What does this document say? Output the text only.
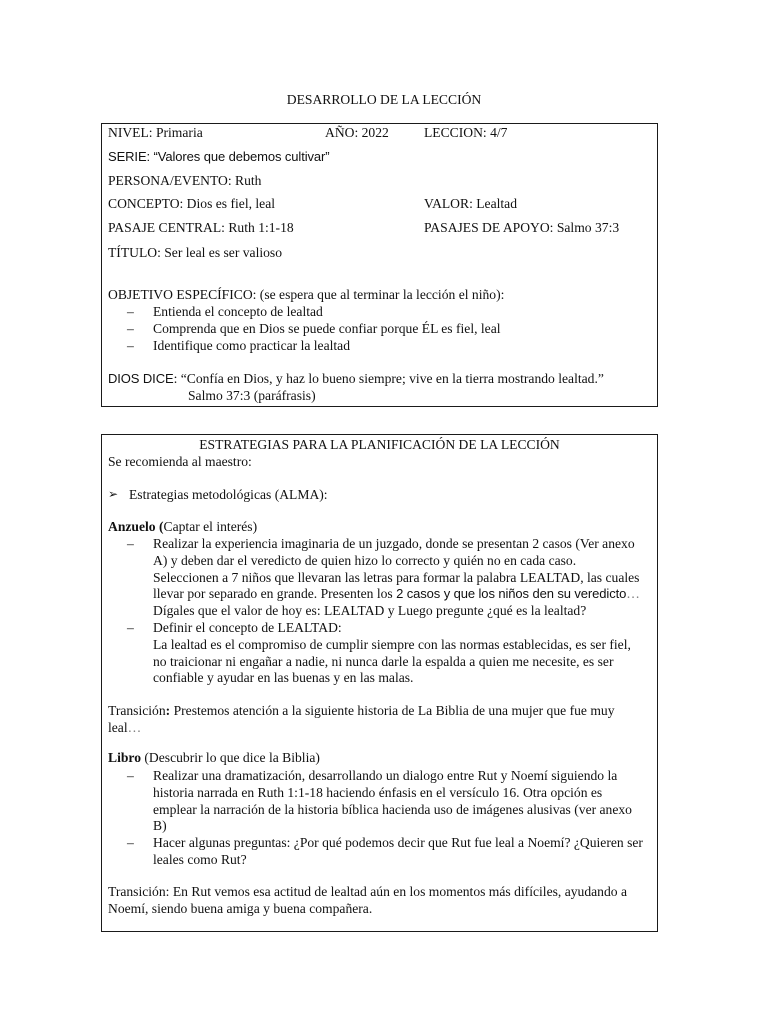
DESARROLLO DE LA LECCIÓN
NIVEL: Primaria	AÑO: 2022	LECCION: 4/7
SERIE: “Valores que debemos cultivar”
PERSONA/EVENTO: Ruth
CONCEPTO: Dios es fiel, leal	VALOR: Lealtad
PASAJE CENTRAL: Ruth 1:1-18	PASAJES DE APOYO: Salmo 37:3
TÍTULO: Ser leal es ser valioso
OBJETIVO ESPECÍFICO: (se espera que al terminar la lección el niño):
– Entienda el concepto de lealtad
– Comprenda que en Dios se puede confiar porque ÉL es fiel, leal
– Identifique como practicar la lealtad
DIOS DICE: “Confía en Dios, y haz lo bueno siempre; vive en la tierra mostrando lealtad.”
Salmo 37:3 (paráfrasis)
ESTRATEGIAS PARA LA PLANIFICACIÓN DE LA LECCIÓN
Se recomienda al maestro:
➢ Estrategias metodológicas (ALMA):
Anzuelo (Captar el interés)
– Realizar la experiencia imaginaria de un juzgado, donde se presentan 2 casos (Ver anexo
A) y deben dar el veredicto de quien hizo lo correcto y quién no en cada caso.
Seleccionen a 7 niños que llevaran las letras para formar la palabra LEALTAD, las cuales
llevar por separado en grande. Presenten los 2 casos y que los niños den su veredicto…
Dígales que el valor de hoy es: LEALTAD y Luego pregunte ¿qué es la lealtad?
– Definir el concepto de LEALTAD:
La lealtad es el compromiso de cumplir siempre con las normas establecidas, es ser fiel,
no traicionar ni engañar a nadie, ni nunca darle la espalda a quien me necesite, es ser
confiable y ayudar en las buenas y en las malas.
Transición: Prestemos atención a la siguiente historia de La Biblia de una mujer que fue muy
leal…
Libro (Descubrir lo que dice la Biblia)
– Realizar una dramatización, desarrollando un dialogo entre Rut y Noemí siguiendo la
historia narrada en Ruth 1:1-18 haciendo énfasis en el versículo 16. Otra opción es
emplear la narración de la historia bíblica hacienda uso de imágenes alusivas (ver anexo
B)
– Hacer algunas preguntas: ¿Por qué podemos decir que Rut fue leal a Noemí? ¿Quieren ser
leales como Rut?
Transición: En Rut vemos esa actitud de lealtad aún en los momentos más difíciles, ayudando a
Noemí, siendo buena amiga y buena compañera.
